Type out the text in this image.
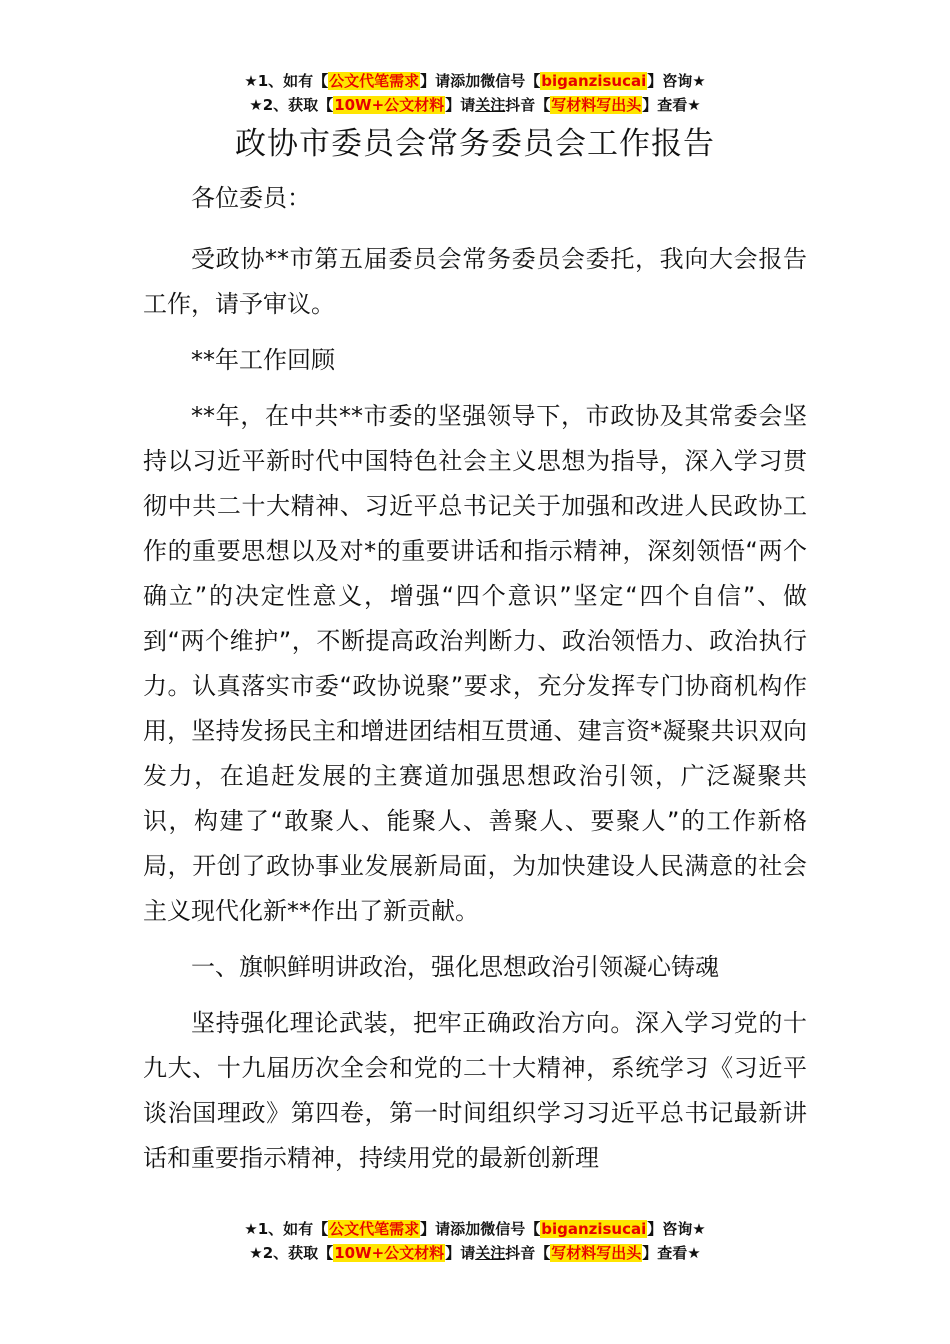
★1、如有【公文代笔需求】请添加微信号【biganzisucai】咨询★
★2、获取【10W+公文材料】请关注抖音【写材料写出头】查看★
政协市委员会常务委员会工作报告

各位委员：

受政协**市第五届委员会常务委员会委托，我向大会报告工作，请予审议。

**年工作回顾

**年，在中共**市委的坚强领导下，市政协及其常委会坚持以习近平新时代中国特色社会主义思想为指导，深入学习贯彻中共二十大精神、习近平总书记关于加强和改进人民政协工作的重要思想以及对*的重要讲话和指示精神，深刻领悟“两个确立”的决定性意义，增强“四个意识”坚定“四个自信”、做到“两个维护”，不断提高政治判断力、政治领悟力、政治执行力。认真落实市委“政协说聚”要求，充分发挥专门协商机构作用，坚持发扬民主和增进团结相互贯通、建言资*凝聚共识双向发力，在追赶发展的主赛道加强思想政治引领，广泛凝聚共识，构建了“敢聚人、能聚人、善聚人、要聚人”的工作新格局，开创了政协事业发展新局面，为加快建设人民满意的社会主义现代化新**作出了新贡献。

一、旗帜鲜明讲政治，强化思想政治引领凝心铸魂

坚持强化理论武装，把牢正确政治方向。深入学习党的十九大、十九届历次全会和党的二十大精神，系统学习《习近平谈治国理政》第四卷，第一时间组织学习习近平总书记最新讲话和重要指示精神，持续用党的最新创新理

★1、如有【公文代笔需求】请添加微信号【biganzisucai】咨询★
★2、获取【10W+公文材料】请关注抖音【写材料写出头】查看★
